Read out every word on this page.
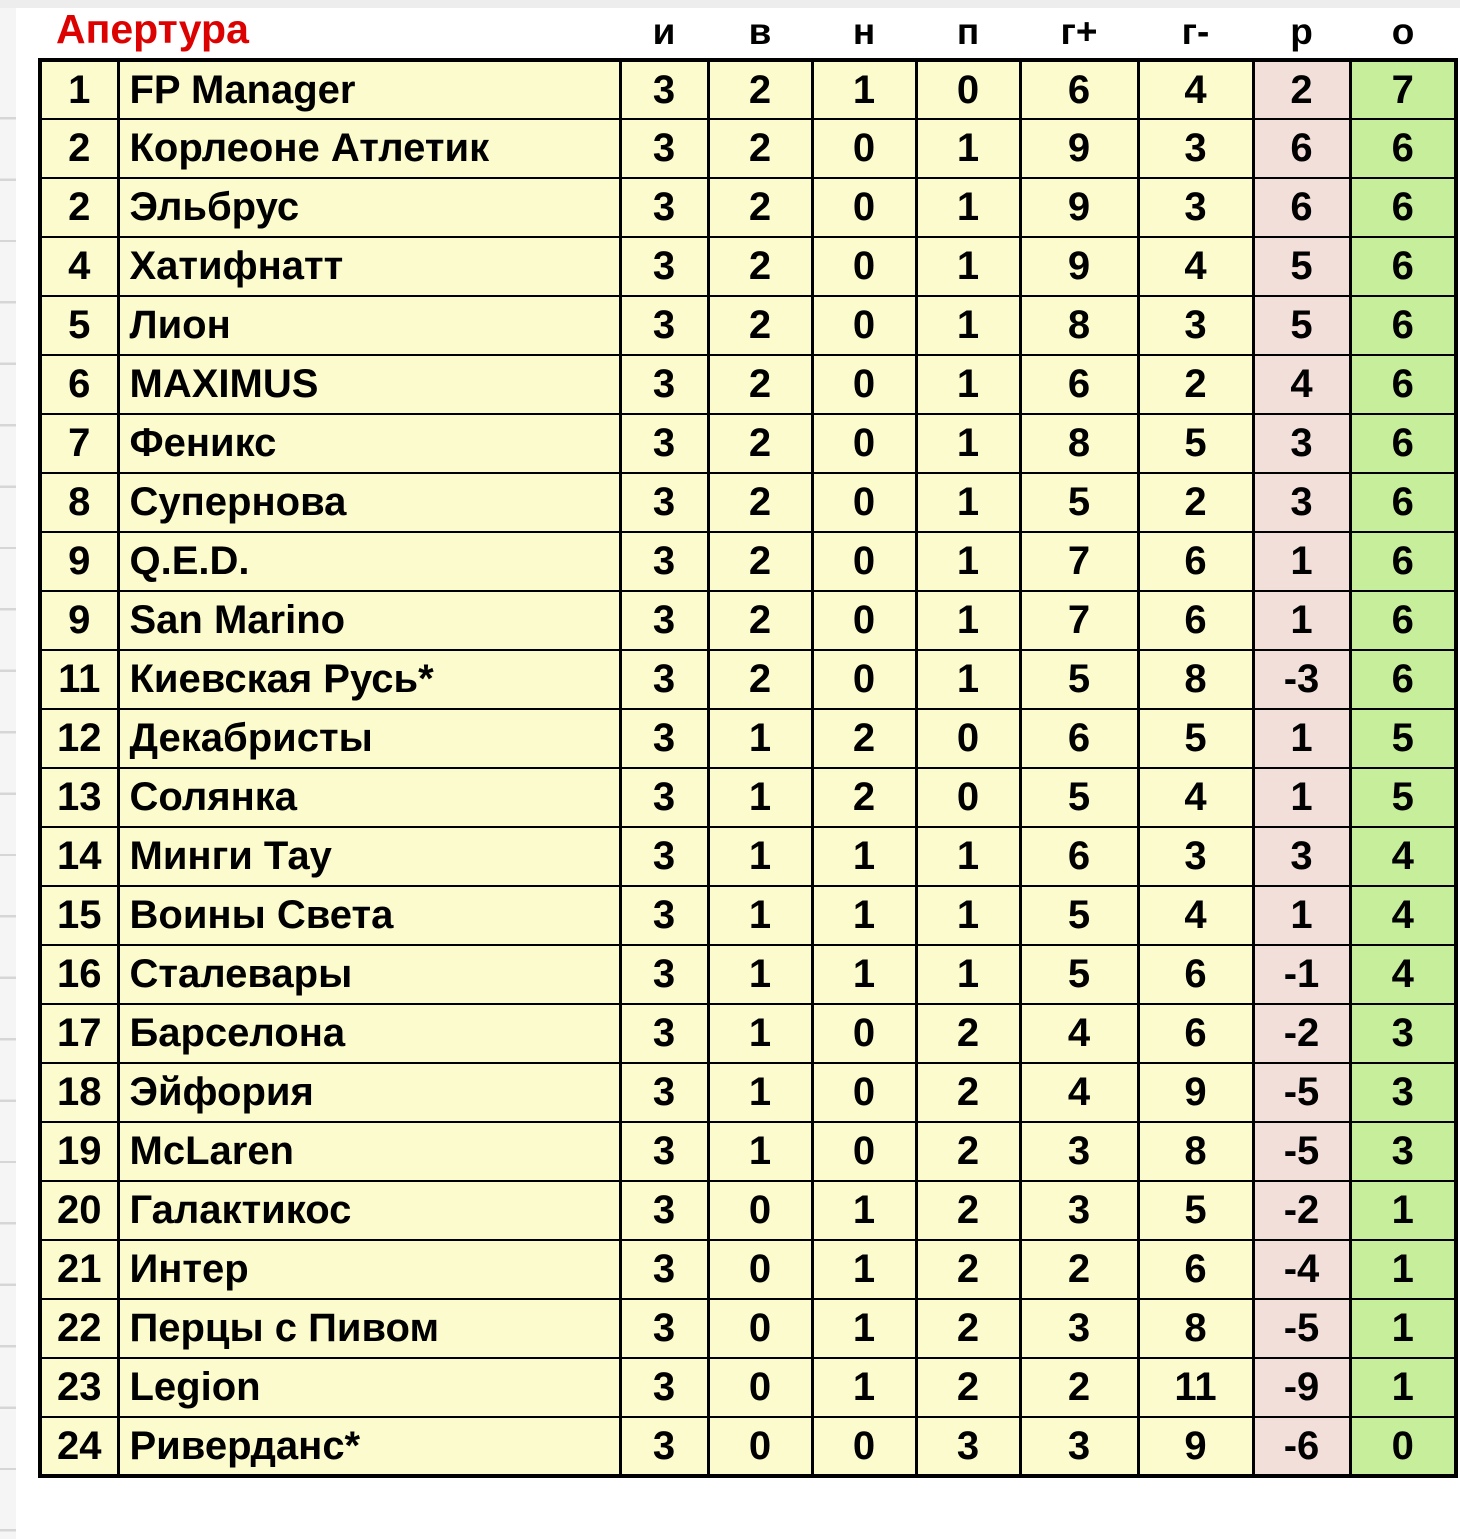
Апертура	и	в	н	п	г+	г-	р	о
1	FP Manager	3	2	1	0	6	4	2	7
2	Корлеоне Атлетик	3	2	0	1	9	3	6	6
2	Эльбрус	3	2	0	1	9	3	6	6
4	Хатифнатт	3	2	0	1	9	4	5	6
5	Лион	3	2	0	1	8	3	5	6
6	MAXIMUS	3	2	0	1	6	2	4	6
7	Феникс	3	2	0	1	8	5	3	6
8	Супернова	3	2	0	1	5	2	3	6
9	Q.E.D.	3	2	0	1	7	6	1	6
9	San Marino	3	2	0	1	7	6	1	6
11	Киевская Русь*	3	2	0	1	5	8	-3	6
12	Декабристы	3	1	2	0	6	5	1	5
13	Солянка	3	1	2	0	5	4	1	5
14	Минги Тау	3	1	1	1	6	3	3	4
15	Воины Света	3	1	1	1	5	4	1	4
16	Сталевары	3	1	1	1	5	6	-1	4
17	Барселона	3	1	0	2	4	6	-2	3
18	Эйфория	3	1	0	2	4	9	-5	3
19	McLaren	3	1	0	2	3	8	-5	3
20	Галактикос	3	0	1	2	3	5	-2	1
21	Интер	3	0	1	2	2	6	-4	1
22	Перцы с Пивом	3	0	1	2	3	8	-5	1
23	Legion	3	0	1	2	2	11	-9	1
24	Риверданс*	3	0	0	3	3	9	-6	0
